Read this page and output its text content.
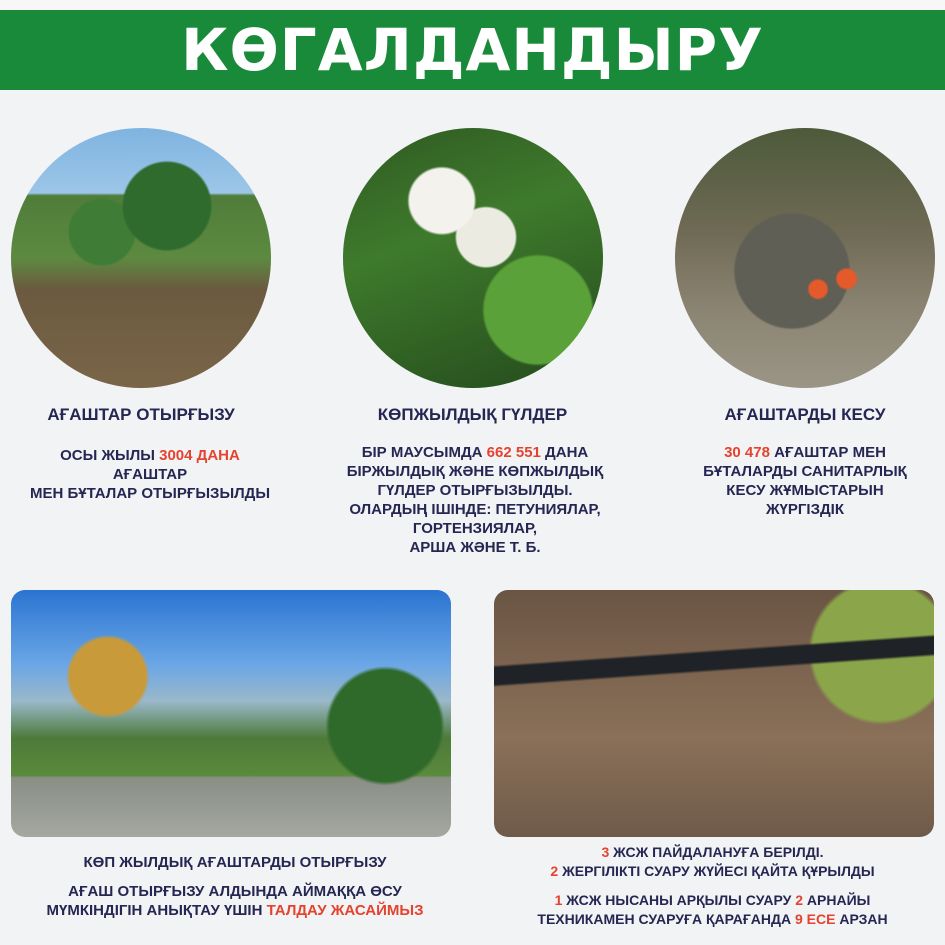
КӨГАЛДАНДЫРУ
АҒАШТАР ОТЫРҒЫЗУ	КӨПЖЫЛДЫҚ ГҮЛДЕР	АҒАШТАРДЫ КЕСУ
ОСЫ ЖЫЛЫ 3004 ДАНА
АҒАШТАР
МЕН БҰТАЛАР ОТЫРҒЫЗЫЛДЫ
БІР МАУСЫМДА 662 551 ДАНА
БІРЖЫЛДЫҚ ЖӘНЕ КӨПЖЫЛДЫҚ
ГҮЛДЕР ОТЫРҒЫЗЫЛДЫ.
ОЛАРДЫҢ ІШІНДЕ: ПЕТУНИЯЛАР,
ГОРТЕНЗИЯЛАР,
АРША ЖӘНЕ Т. Б.
30 478 АҒАШТАР МЕН
БҰТАЛАРДЫ САНИТАРЛЫҚ
КЕСУ ЖҰМЫСТАРЫН
ЖҮРГІЗДІК
КӨП ЖЫЛДЫҚ АҒАШТАРДЫ ОТЫРҒЫЗУ
АҒАШ ОТЫРҒЫЗУ АЛДЫНДА АЙМАҚҚА ӨСУ
МҮМКІНДІГІН АНЫҚТАУ ҮШІН ТАЛДАУ ЖАСАЙМЫЗ
3 ЖСЖ ПАЙДАЛАНУҒА БЕРІЛДІ.
2 ЖЕРГІЛІКТІ СУАРУ ЖҮЙЕСІ ҚАЙТА ҚҰРЫЛДЫ
1 ЖСЖ НЫСАНЫ АРҚЫЛЫ СУАРУ 2 АРНАЙЫ
ТЕХНИКАМЕН СУАРУҒА ҚАРАҒАНДА 9 ЕСЕ АРЗАН
